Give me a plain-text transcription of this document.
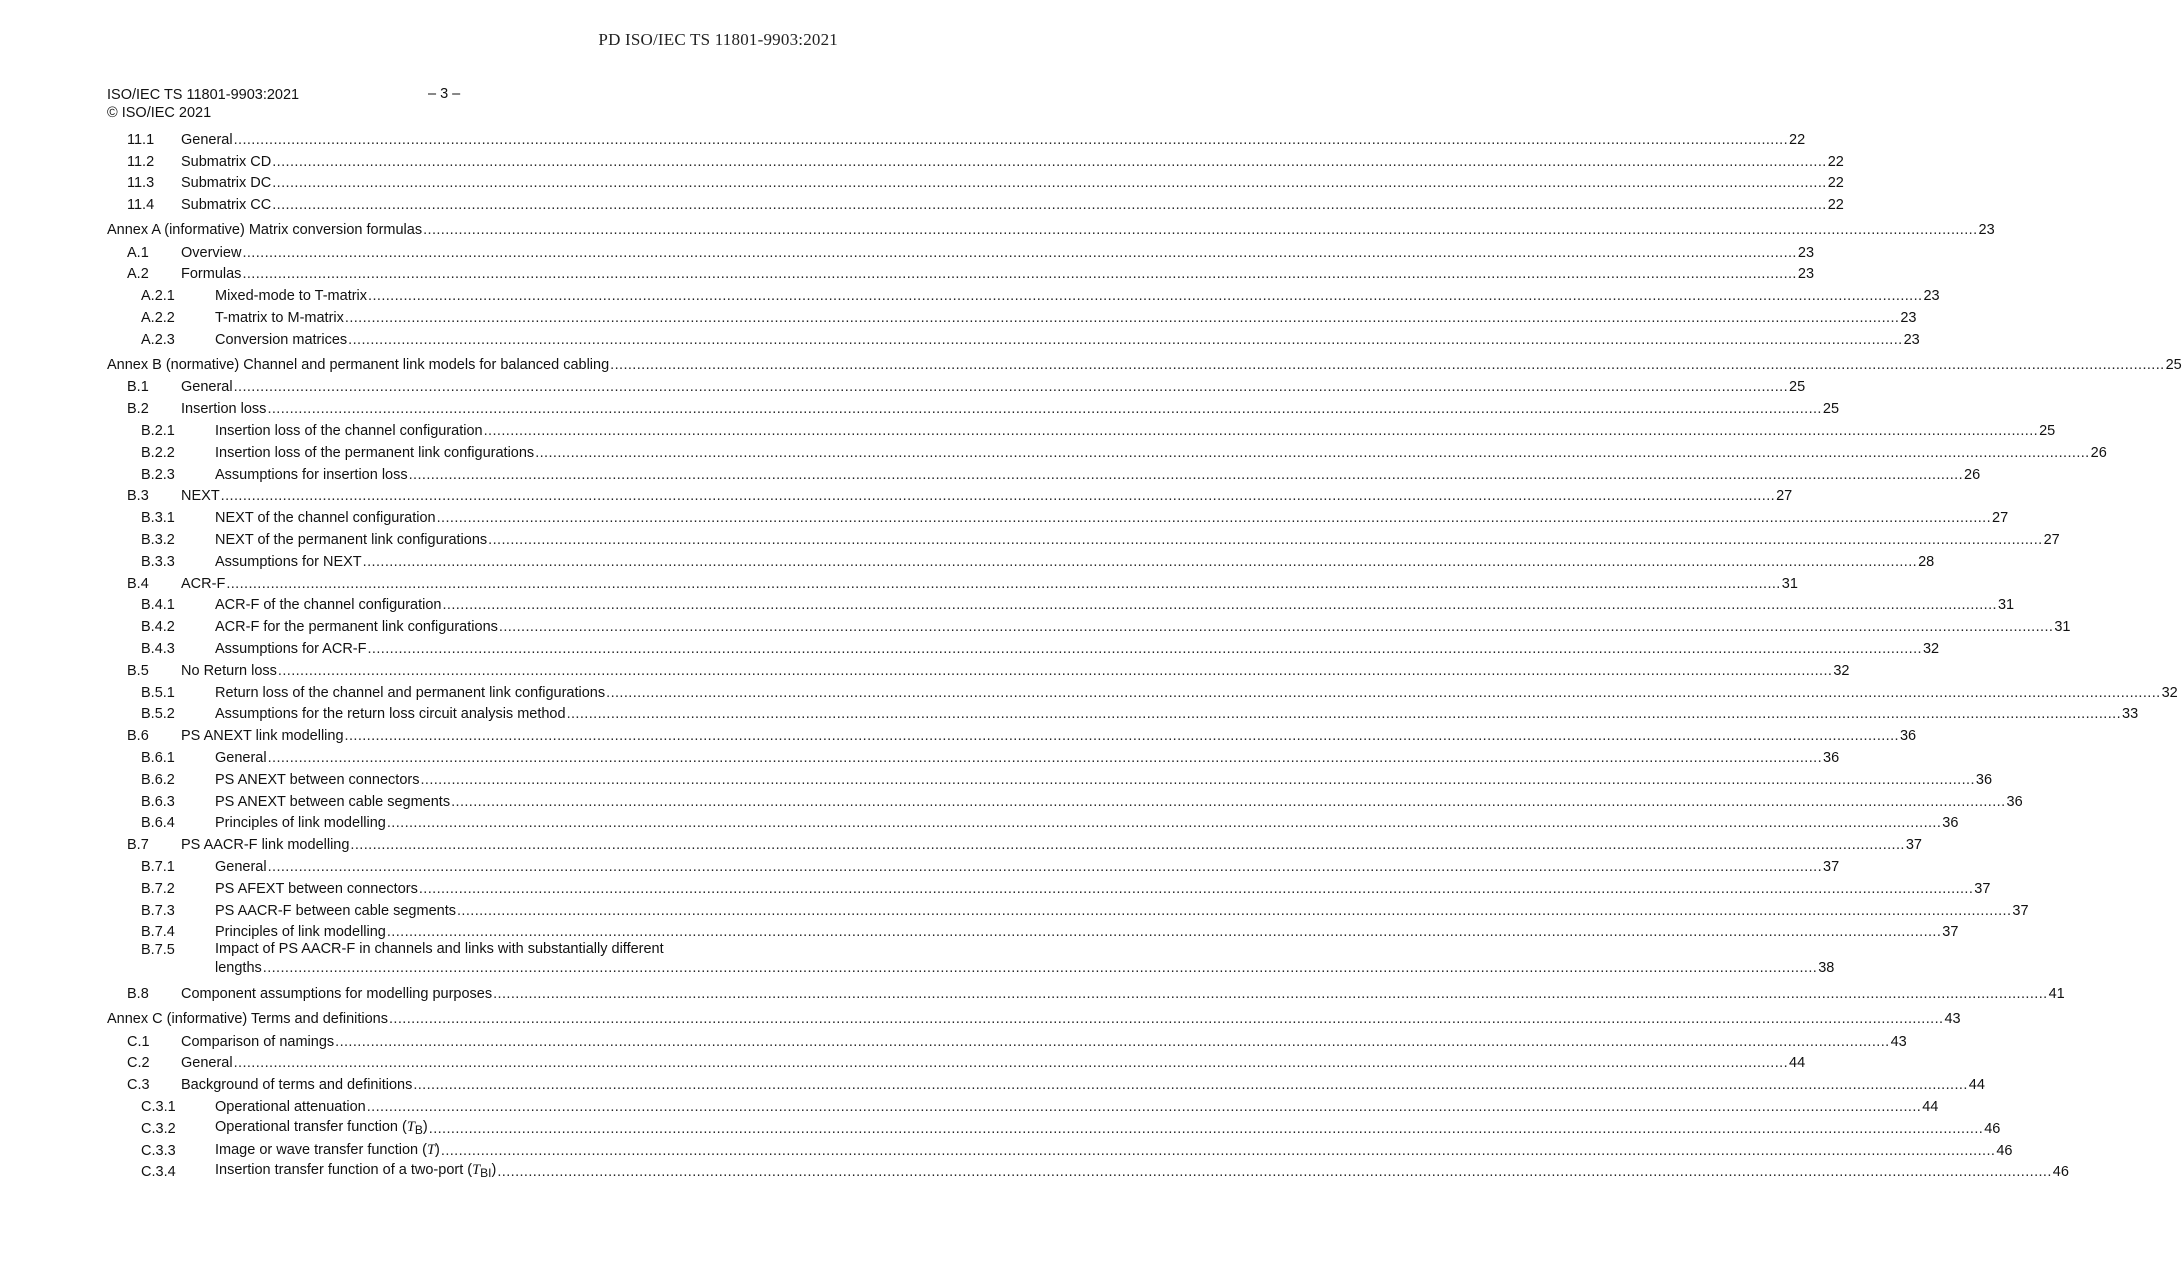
PD ISO/IEC TS 11801-9903:2021
ISO/IEC TS 11801-9903:2021
© ISO/IEC 2021
– 3 –
11.1	General .....	22
11.2	Submatrix CD .....	22
11.3	Submatrix DC .....	22
11.4	Submatrix CC .....	22
Annex A (informative) Matrix conversion formulas .....	23
A.1	Overview .....	23
A.2	Formulas .....	23
A.2.1	Mixed-mode to T-matrix .....	23
A.2.2	T-matrix to M-matrix .....	23
A.2.3	Conversion matrices .....	23
Annex B (normative) Channel and permanent link models for balanced cabling .....	25
B.1	General .....	25
B.2	Insertion loss .....	25
B.2.1	Insertion loss of the channel configuration .....	25
B.2.2	Insertion loss of the permanent link configurations .....	26
B.2.3	Assumptions for insertion loss .....	26
B.3	NEXT .....	27
B.3.1	NEXT of the channel configuration .....	27
B.3.2	NEXT of the permanent link configurations .....	27
B.3.3	Assumptions for NEXT .....	28
B.4	ACR-F .....	31
B.4.1	ACR-F of the channel configuration .....	31
B.4.2	ACR-F for the permanent link configurations .....	31
B.4.3	Assumptions for ACR-F .....	32
B.5	No Return loss .....	32
B.5.1	Return loss of the channel and permanent link configurations .....	32
B.5.2	Assumptions for the return loss circuit analysis method .....	33
B.6	PS ANEXT link modelling .....	36
B.6.1	General .....	36
B.6.2	PS ANEXT between connectors .....	36
B.6.3	PS ANEXT between cable segments .....	36
B.6.4	Principles of link modelling .....	36
B.7	PS AACR-F link modelling .....	37
B.7.1	General .....	37
B.7.2	PS AFEXT between connectors .....	37
B.7.3	PS AACR-F between cable segments .....	37
B.7.4	Principles of link modelling .....	37
B.7.5	Impact of PS AACR-F in channels and links with substantially different
lengths .....	38
B.8	Component assumptions for modelling purposes .....	41
Annex C (informative) Terms and definitions .....	43
C.1	Comparison of namings .....	43
C.2	General .....	44
C.3	Background of terms and definitions .....	44
C.3.1	Operational attenuation .....	44
C.3.2	Operational transfer function $(T_B)$ .....	46
C.3.3	Image or wave transfer function (T) .....	46
C.3.4	Insertion transfer function of a two-port $(T_{BI})$ .....	46
